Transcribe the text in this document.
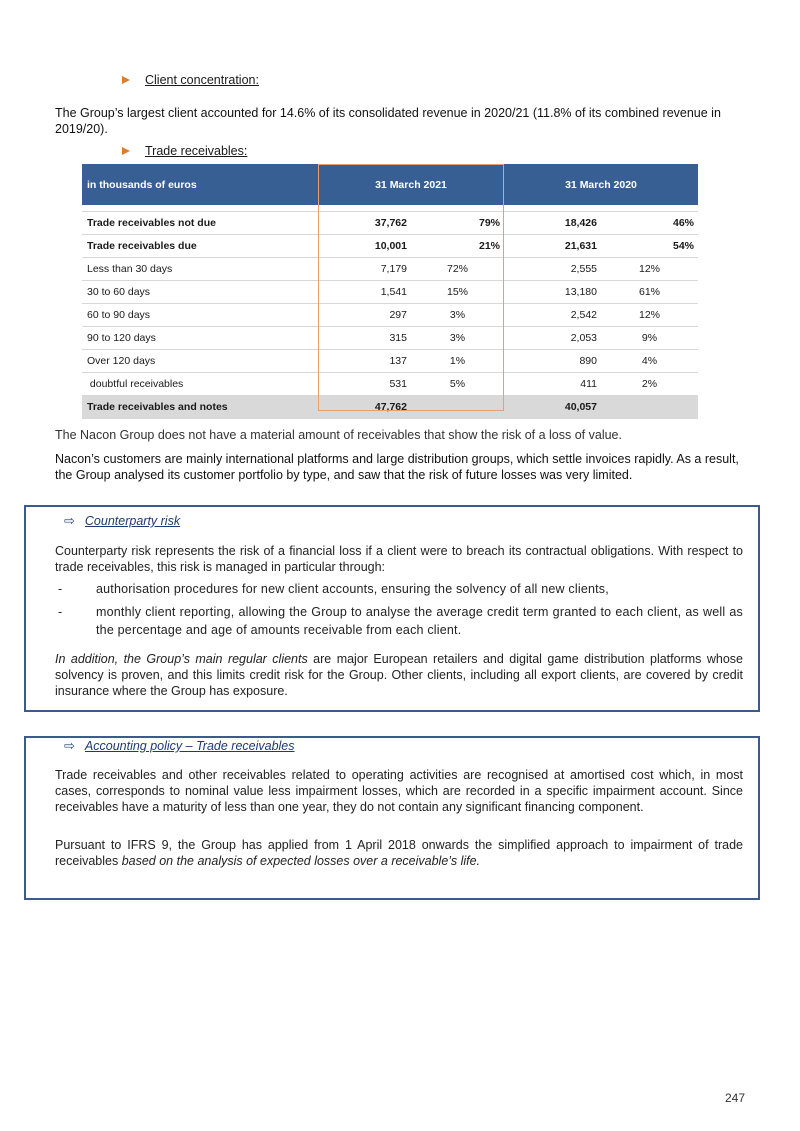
Client concentration:
The Group’s largest client accounted for 14.6% of its consolidated revenue in 2020/21 (11.8% of its combined revenue in 2019/20).
Trade receivables:
in thousands of euros	31 March 2021		31 March 2020	

Trade receivables not due	37,762	79%	18,426	46%
Trade receivables due	10,001	21%	21,631	54%
Less than 30 days	7,179	72%	2,555	12%
30 to 60 days	1,541	15%	13,180	61%
60 to 90 days	297	3%	2,542	12%
90 to 120 days	315	3%	2,053	9%
Over 120 days	137	1%	890	4%
doubtful receivables	531	5%	411	2%
Trade receivables and notes	47,762		40,057	
The Nacon Group does not have a material amount of receivables that show the risk of a loss of value.
Nacon’s customers are mainly international platforms and large distribution groups, which settle invoices rapidly. As a result, the Group analysed its customer portfolio by type, and saw that the risk of future losses was very limited.
⇨ Counterparty risk
Counterparty risk represents the risk of a financial loss if a client were to breach its contractual obligations. With respect to trade receivables, this risk is managed in particular through:
-	authorisation procedures for new client accounts, ensuring the solvency of all new clients,
-	monthly client reporting, allowing the Group to analyse the average credit term granted to each client, as well as the percentage and age of amounts receivable from each client.
In addition, the Group’s main regular clients are major European retailers and digital game distribution platforms whose solvency is proven, and this limits credit risk for the Group. Other clients, including all export clients, are covered by credit insurance where the Group has exposure.
⇨ Accounting policy – Trade receivables
Trade receivables and other receivables related to operating activities are recognised at amortised cost which, in most cases, corresponds to nominal value less impairment losses, which are recorded in a specific impairment account. Since receivables have a maturity of less than one year, they do not contain any significant financing component.
Pursuant to IFRS 9, the Group has applied from 1 April 2018 onwards the simplified approach to impairment of trade receivables based on the analysis of expected losses over a receivable’s life.
247
